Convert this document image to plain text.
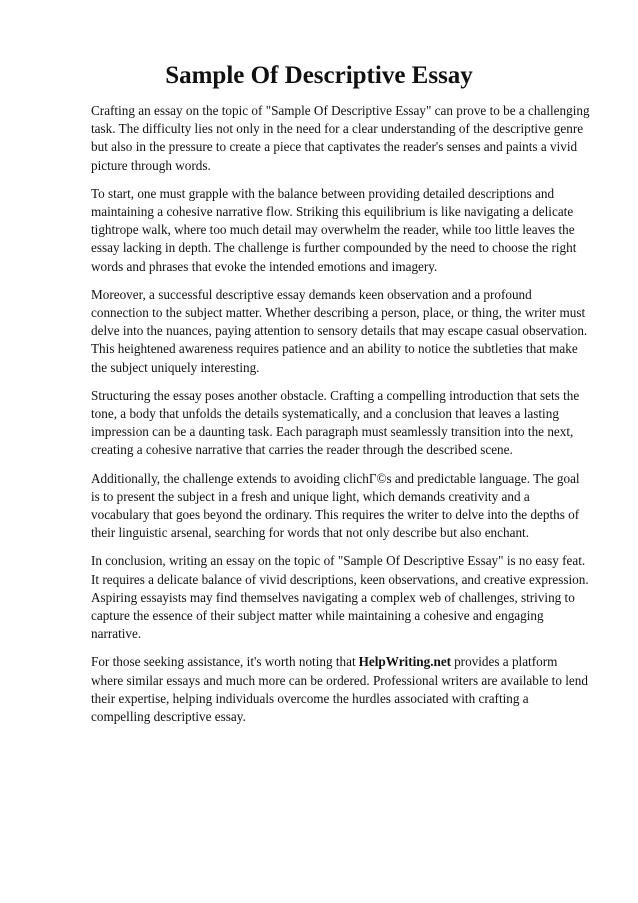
Sample Of Descriptive Essay

Crafting an essay on the topic of "Sample Of Descriptive Essay" can prove to be a challenging task. The difficulty lies not only in the need for a clear understanding of the descriptive genre but also in the pressure to create a piece that captivates the reader's senses and paints a vivid picture through words.

To start, one must grapple with the balance between providing detailed descriptions and maintaining a cohesive narrative flow. Striking this equilibrium is like navigating a delicate tightrope walk, where too much detail may overwhelm the reader, while too little leaves the essay lacking in depth. The challenge is further compounded by the need to choose the right words and phrases that evoke the intended emotions and imagery.

Moreover, a successful descriptive essay demands keen observation and a profound connection to the subject matter. Whether describing a person, place, or thing, the writer must delve into the nuances, paying attention to sensory details that may escape casual observation. This heightened awareness requires patience and an ability to notice the subtleties that make the subject uniquely interesting.

Structuring the essay poses another obstacle. Crafting a compelling introduction that sets the tone, a body that unfolds the details systematically, and a conclusion that leaves a lasting impression can be a daunting task. Each paragraph must seamlessly transition into the next, creating a cohesive narrative that carries the reader through the described scene.

Additionally, the challenge extends to avoiding clichГ©s and predictable language. The goal is to present the subject in a fresh and unique light, which demands creativity and a vocabulary that goes beyond the ordinary. This requires the writer to delve into the depths of their linguistic arsenal, searching for words that not only describe but also enchant.

In conclusion, writing an essay on the topic of "Sample Of Descriptive Essay" is no easy feat. It requires a delicate balance of vivid descriptions, keen observations, and creative expression. Aspiring essayists may find themselves navigating a complex web of challenges, striving to capture the essence of their subject matter while maintaining a cohesive and engaging narrative.

For those seeking assistance, it's worth noting that HelpWriting.net provides a platform where similar essays and much more can be ordered. Professional writers are available to lend their expertise, helping individuals overcome the hurdles associated with crafting a compelling descriptive essay.
